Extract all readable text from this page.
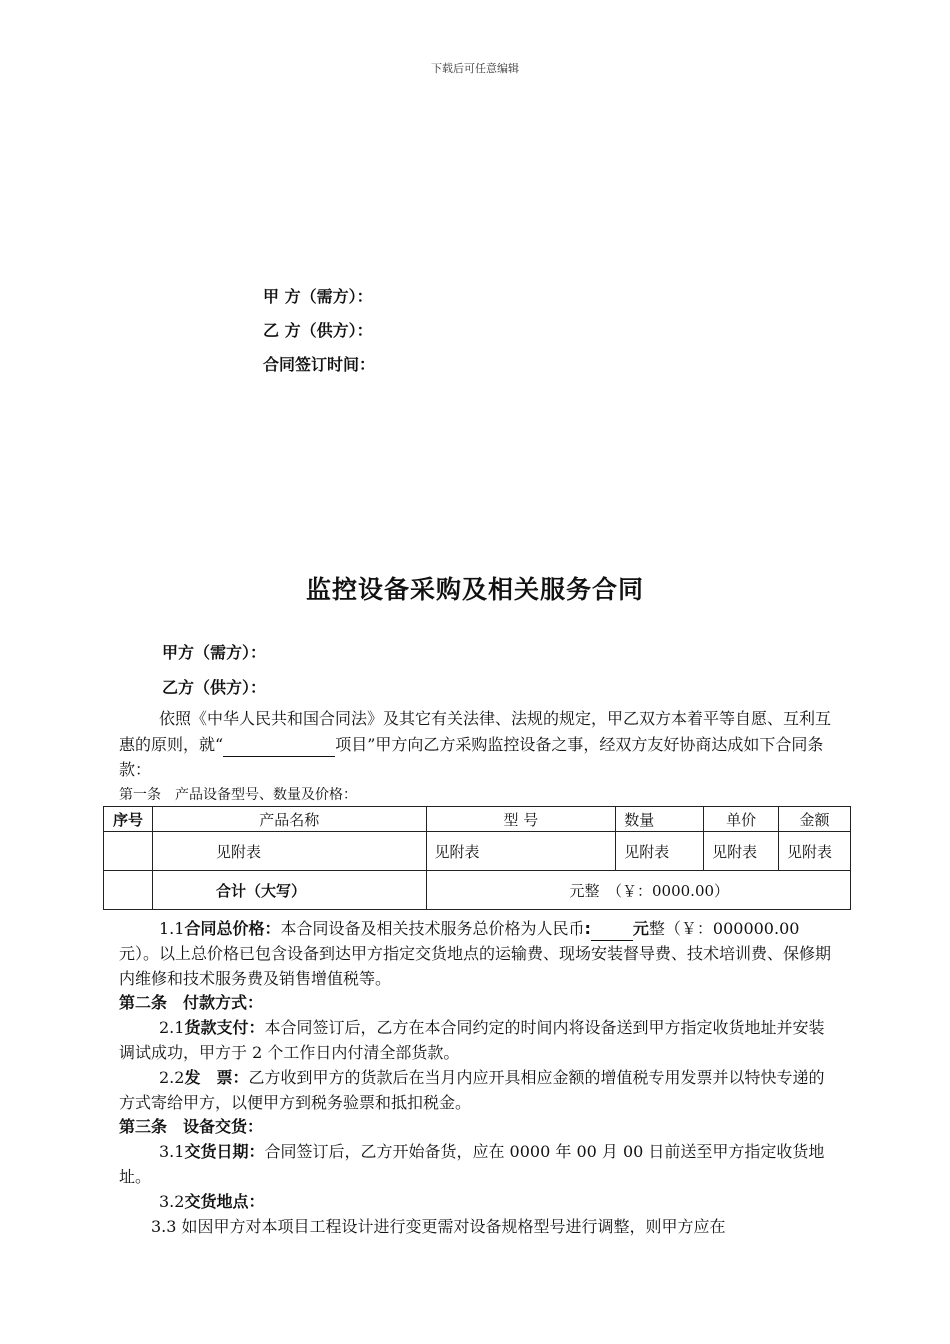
下载后可任意编辑
甲 方（需方）：
乙 方（供方）：
合同签订时间：
监控设备采购及相关服务合同
甲方（需方）：
乙方（供方）：
依照《中华人民共和国合同法》及其它有关法律、法规的规定，甲乙双方本着平等自愿、互利互惠的原则，就“	项目”甲方向乙方采购监控设备之事，经双方友好协商达成如下合同条款：
第一条　产品设备型号、数量及价格：
序号	产品名称	型 号	数量	单价	金额
	见附表	见附表	见附表	见附表	见附表
	合计（大写）	元整　（￥：0000.00）			
1.1合同总价格：本合同设备及相关技术服务总价格为人民币:	元整（￥：000000.00 元）。以上总价格已包含设备到达甲方指定交货地点的运输费、现场安装督导费、技术培训费、保修期内维修和技术服务费及销售增值税等。
第二条　付款方式：
2.1货款支付：本合同签订后，乙方在本合同约定的时间内将设备送到甲方指定收货地址并安装调试成功，甲方于 2 个工作日内付清全部货款。
2.2发　票：乙方收到甲方的货款后在当月内应开具相应金额的增值税专用发票并以特快专递的方式寄给甲方，以便甲方到税务验票和抵扣税金。
第三条　设备交货：
3.1交货日期：合同签订后，乙方开始备货，应在 0000 年 00 月 00 日前送至甲方指定收货地址。
3.2交货地点：
3.3 如因甲方对本项目工程设计进行变更需对设备规格型号进行调整，则甲方应在
